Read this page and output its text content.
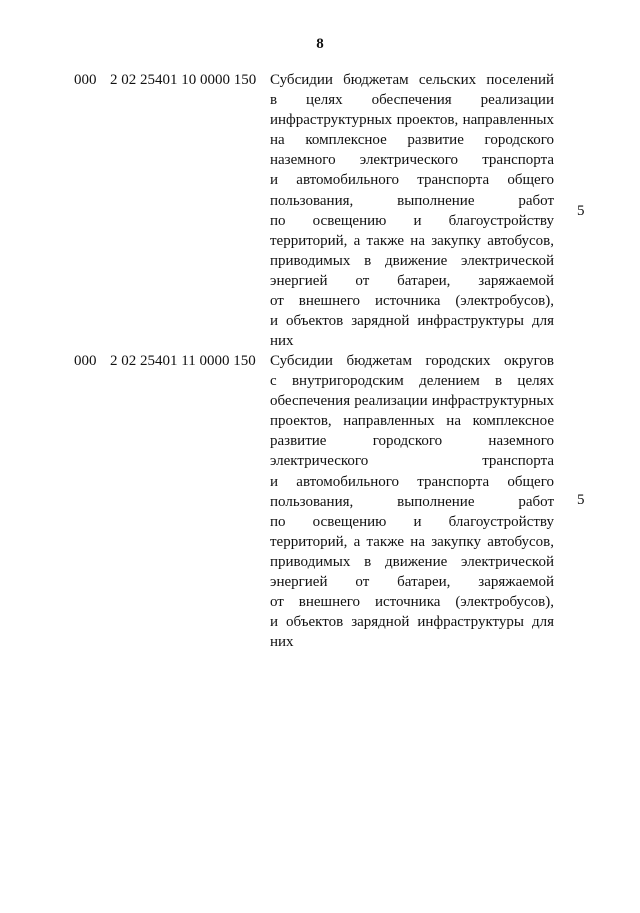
8
000 2 02 25401 10 0000 150 Субсидии бюджетам сельских поселений
в целях обеспечения реализации
инфраструктурных проектов, направленных
на комплексное развитие городского
наземного электрического транспорта
и автомобильного транспорта общего
пользования, выполнение работ
по освещению и благоустройству
территорий, а также на закупку автобусов,
приводимых в движение электрической
энергией от батареи, заряжаемой
от внешнего источника (электробусов),
и объектов зарядной инфраструктуры для
них
5
000 2 02 25401 11 0000 150 Субсидии бюджетам городских округов
с внутригородским делением в целях
обеспечения реализации инфраструктурных
проектов, направленных на комплексное
развитие городского наземного
электрического транспорта
и автомобильного транспорта общего
пользования, выполнение работ
по освещению и благоустройству
территорий, а также на закупку автобусов,
приводимых в движение электрической
энергией от батареи, заряжаемой
от внешнего источника (электробусов),
и объектов зарядной инфраструктуры для
них
5
